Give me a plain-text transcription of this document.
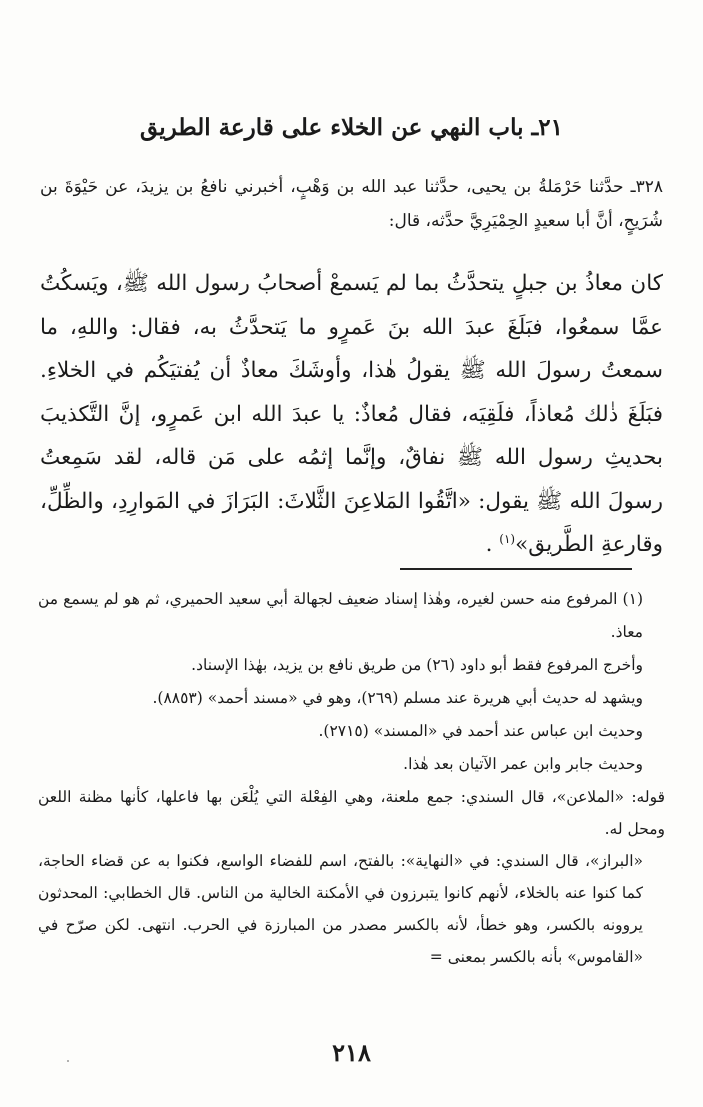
٢١ـ باب النهي عن الخلاء على قارعة الطريق

٣٢٨ـ حدَّثنا حَرْمَلةُ بن يحيى، حدَّثنا عبد الله بن وَهْبٍ، أخبرني نافعُ بن يزيدَ، عن حَيْوَةَ بن شُرَيحٍ، أنَّ أبا سعيدٍ الحِمْيَرِيَّ حدَّثه، قال:

كان معاذُ بن جبلٍ يتحدَّثُ بما لم يَسمعْ أصحابُ رسول الله ﷺ، ويَسكُتُ عمَّا سمعُوا، فبَلَغَ عبدَ الله بنَ عَمرٍو ما يَتحدَّثُ به، فقال: واللهِ، ما سمعتُ رسولَ الله ﷺ يقولُ هٰذا، وأوشَكَ معاذٌ أن يُفتيَكُم في الخلاءِ. فبَلَغَ ذٰلك مُعاذاً، فلَقِيَه، فقال مُعاذٌ: يا عبدَ الله ابن عَمرٍو، إنَّ التَّكذيبَ بحديثِ رسول الله ﷺ نفاقٌ، وإنَّما إثمُه على مَن قاله، لقد سَمِعتُ رسولَ الله ﷺ يقول: «اتَّقُوا المَلاعِنَ الثَّلاثَ: البَرَازَ في المَوارِدِ، والظِّلِّ، وقارعةِ الطَّريق»$^{(١)}$ .

(١) المرفوع منه حسن لغيره، وهٰذا إسناد ضعيف لجهالة أبي سعيد الحميري، ثم هو لم يسمع من معاذ.

وأخرج المرفوع فقط أبو داود (٢٦) من طريق نافع بن يزيد، بهٰذا الإسناد.

ويشهد له حديث أبي هريرة عند مسلم (٢٦٩)، وهو في «مسند أحمد» (٨٨٥٣).

وحديث ابن عباس عند أحمد في «المسند» (٢٧١٥).

وحديث جابر وابن عمر الآتيان بعد هٰذا.

قوله: «الملاعن»، قال السندي: جمع ملعنة، وهي الفِعْلة التي يُلْعَن بها فاعلها، كأنها مظنة اللعن ومحل له.

«البراز»، قال السندي: في «النهاية»: بالفتح، اسم للفضاء الواسع، فكنوا به عن قضاء الحاجة، كما كنوا عنه بالخلاء، لأنهم كانوا يتبرزون في الأمكنة الخالية من الناس. قال الخطابي: المحدثون يروونه بالكسر، وهو خطأ، لأنه بالكسر مصدر من المبارزة في الحرب. انتهى. لكن صرّح في «القاموس» بأنه بالكسر بمعنى =

٢١٨
